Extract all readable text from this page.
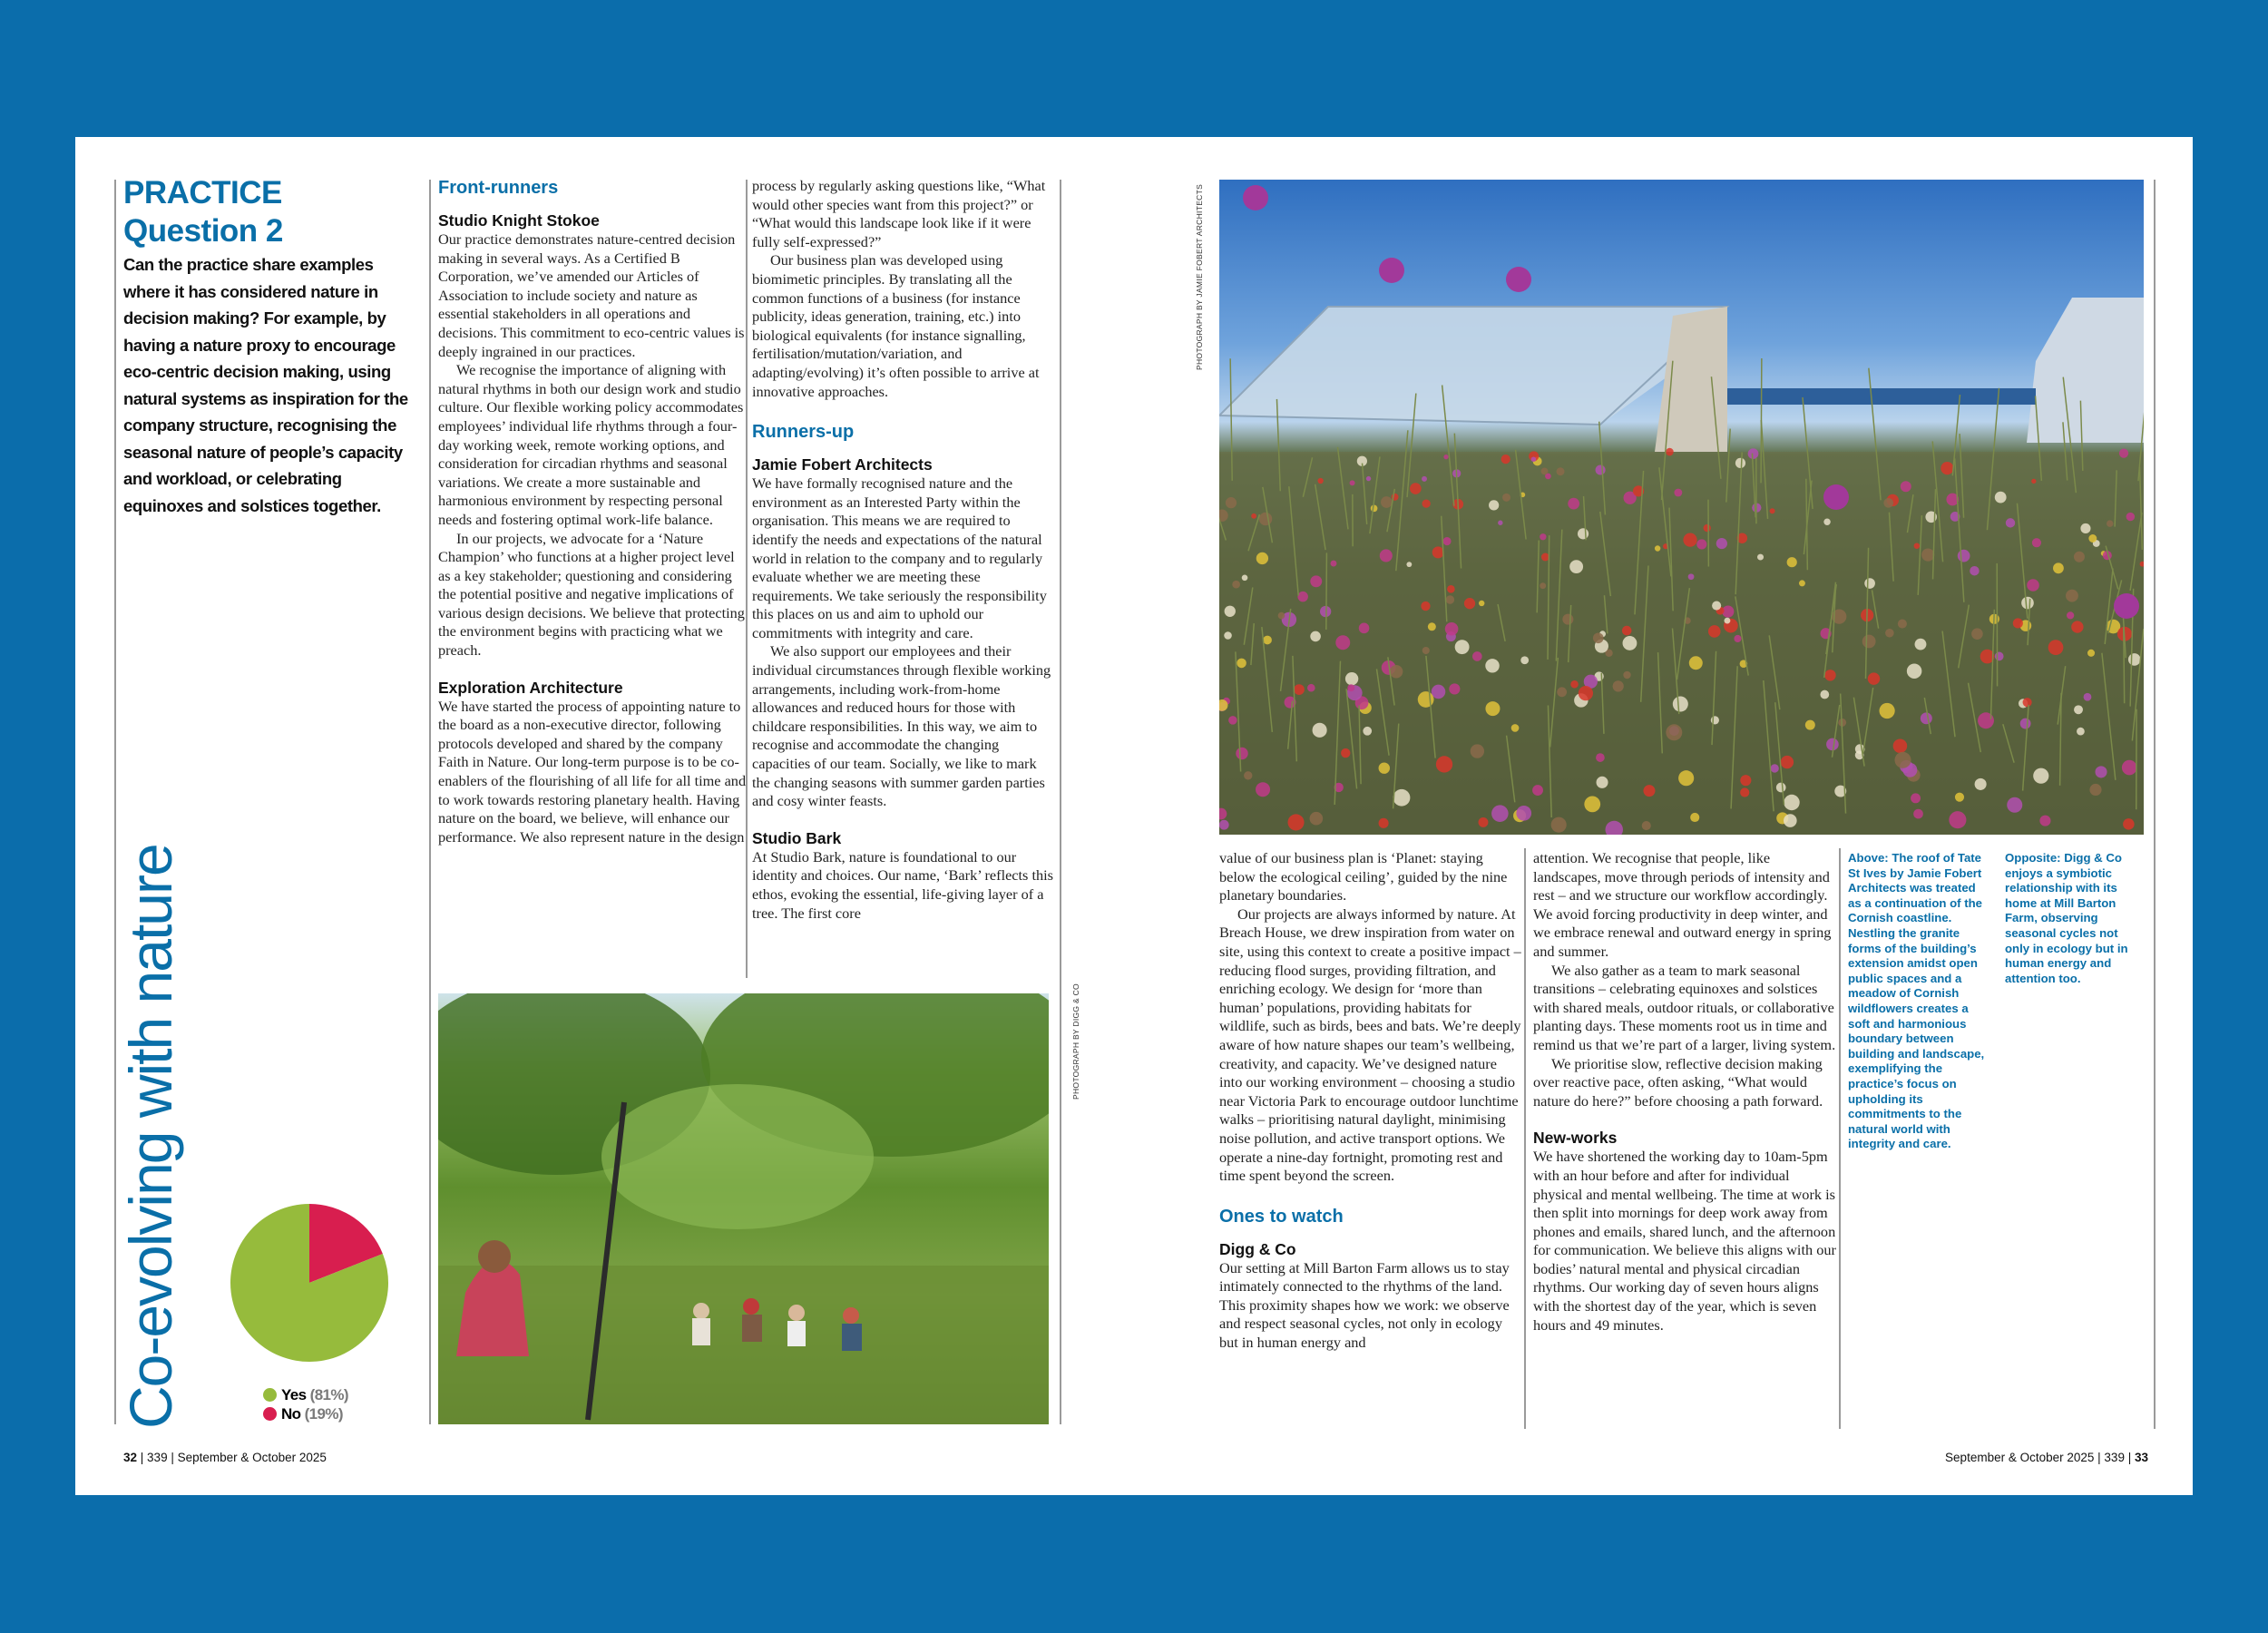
PRACTICE
Question 2
Can the practice share examples where it has considered nature in decision making? For example, by having a nature proxy to encourage eco-centric decision making, using natural systems as inspiration for the company structure, recognising the seasonal nature of people’s capacity and workload, or celebrating equinoxes and solstices together.
Co-evolving with nature	Yes (81%)
No (19%)
Front-runners
Studio Knight Stokoe

Our practice demonstrates nature-centred decision making in several ways. As a Certified B Corporation, we’ve amended our Articles of Association to include society and nature as essential stakeholders in all operations and decisions. This commitment to eco-centric values is deeply ingrained in our practices.

We recognise the importance of aligning with natural rhythms in both our design work and studio culture. Our flexible working policy accommodates employees’ individual life rhythms through a four-day working week, remote working options, and consideration for circadian rhythms and seasonal variations. We create a more sustainable and harmonious environment by respecting personal needs and fostering optimal work-life balance.

In our projects, we advocate for a ‘Nature Champion’ who functions at a higher project level as a key stakeholder; questioning and considering the potential positive and negative implications of various design decisions. We believe that protecting the environment begins with practicing what we preach.

Exploration Architecture

We have started the process of appointing nature to the board as a non-executive director, following protocols developed and shared by the company Faith in Nature. Our long-term purpose is to be co-enablers of the flourishing of all life for all time and to work towards restoring planetary health. Having nature on the board, we believe, will enhance our performance. We also represent nature in the design

process by regularly asking questions like, “What would other species want from this project?” or “What would this landscape look like if it were fully self-expressed?”

Our business plan was developed using biomimetic principles. By translating all the common functions of a business (for instance publicity, ideas generation, training, etc.) into biological equivalents (for instance signalling, fertilisation/mutation/variation, and adapting/evolving) it’s often possible to arrive at innovative approaches.

Runners-up
Jamie Fobert Architects

We have formally recognised nature and the environment as an Interested Party within the organisation. This means we are required to identify the needs and expectations of the natural world in relation to the company and to regularly evaluate whether we are meeting these requirements. We take seriously the responsibility this places on us and aim to uphold our commitments with integrity and care.

We also support our employees and their individual circumstances through flexible working arrangements, including work-from-home allowances and reduced hours for those with childcare responsibilities. In this way, we aim to recognise and accommodate the changing capacities of our team. Socially, we like to mark the changing seasons with summer garden parties and cosy winter feasts.

Studio Bark

At Studio Bark, nature is foundational to our identity and choices. Our name, ‘Bark’ reflects this ethos, evoking the essential, life-giving layer of a tree. The first core

value of our business plan is ‘Planet: staying below the ecological ceiling’, guided by the nine planetary boundaries.

Our projects are always informed by nature. At Breach House, we drew inspiration from water on site, using this context to create a positive impact – reducing flood surges, providing filtration, and enriching ecology. We design for ‘more than human’ populations, providing habitats for wildlife, such as birds, bees and bats. We’re deeply aware of how nature shapes our team’s wellbeing, creativity, and capacity. We’ve designed nature into our working environment – choosing a studio near Victoria Park to encourage outdoor lunchtime walks – prioritising natural daylight, minimising noise pollution, and active transport options. We operate a nine-day fortnight, promoting rest and time spent beyond the screen.

Ones to watch
Digg & Co

Our setting at Mill Barton Farm allows us to stay intimately connected to the rhythms of the land. This proximity shapes how we work: we observe and respect seasonal cycles, not only in ecology but in human energy and

attention. We recognise that people, like landscapes, move through periods of intensity and rest – and we structure our workflow accordingly. We avoid forcing productivity in deep winter, and we embrace renewal and outward energy in spring and summer.

We also gather as a team to mark seasonal transitions – celebrating equinoxes and solstices with shared meals, outdoor rituals, or collaborative planting days. These moments root us in time and remind us that we’re part of a larger, living system.

We prioritise slow, reflective decision making over reactive pace, often asking, “What would nature do here?” before choosing a path forward.

New-works

We have shortened the working day to 10am-5pm with an hour before and after for individual physical and mental wellbeing. The time at work is then split into mornings for deep work away from phones and emails, shared lunch, and the afternoon for communication. We believe this aligns with our bodies’ natural mental and physical circadian rhythms. Our working day of seven hours aligns with the shortest day of the year, which is seven hours and 49 minutes.

PHOTOGRAPH BY DIGG & CO
PHOTOGRAPH BY JAMIE FOBERT ARCHITECTS
Above: The roof of Tate St Ives by Jamie Fobert Architects was treated as a continuation of the Cornish coastline. Nestling the granite forms of the building’s extension amidst open public spaces and a meadow of Cornish wildflowers creates a soft and harmonious boundary between building and landscape, exemplifying the practice’s focus on upholding its commitments to the natural world with integrity and care.
Opposite: Digg & Co enjoys a symbiotic relationship with its home at Mill Barton Farm, observing seasonal cycles not only in ecology but in human energy and attention too.
32 | 339 | September & October 2025	September & October 2025 | 339 | 33
